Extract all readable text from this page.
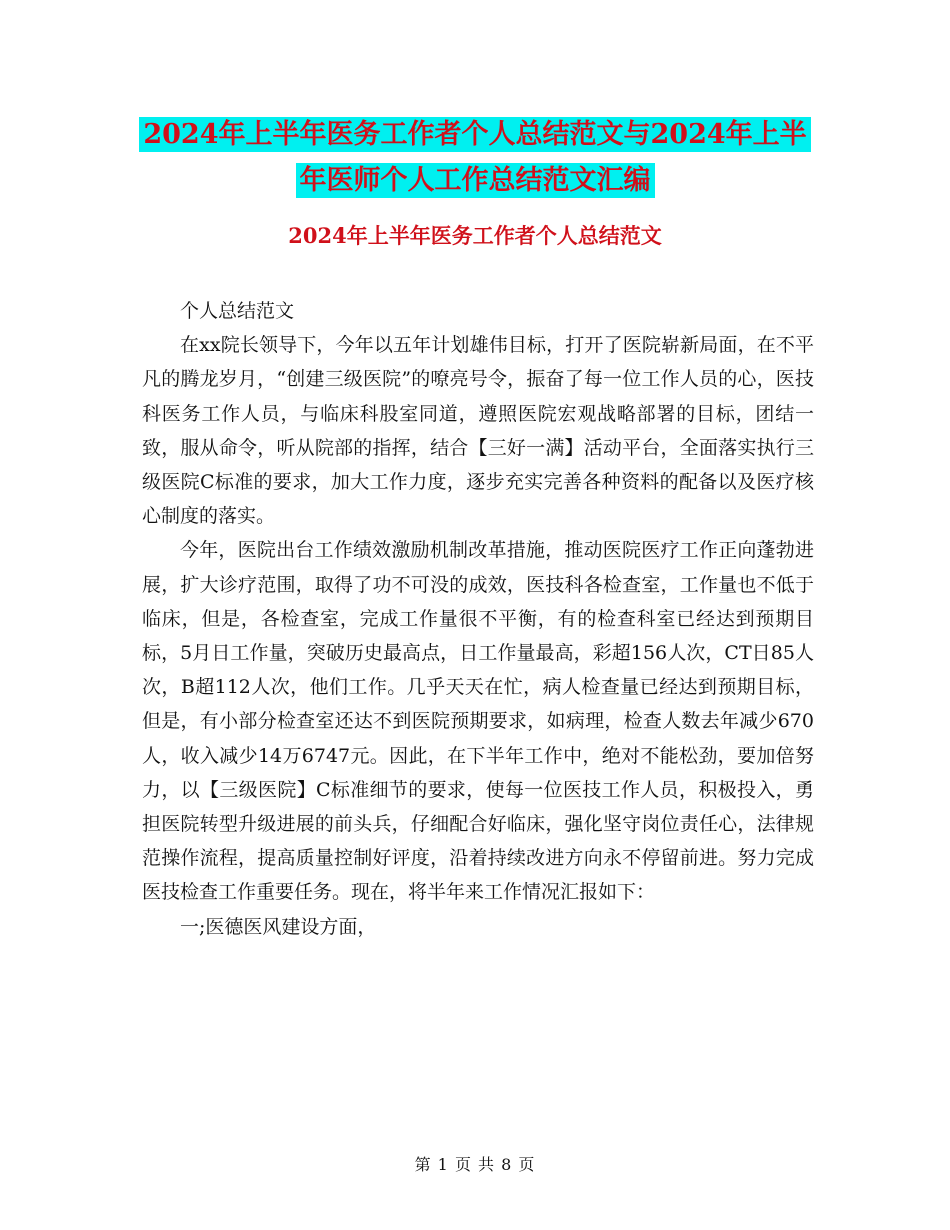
2024年上半年医务工作者个人总结范文与2024年上半
年医师个人工作总结范文汇编
2024年上半年医务工作者个人总结范文

个人总结范文

在xx院长领导下，今年以五年计划雄伟目标，打开了医院崭新局面，在不平凡的腾龙岁月，“创建三级医院”的嘹亮号令，振奋了每一位工作人员的心，医技科医务工作人员，与临床科股室同道，遵照医院宏观战略部署的目标，团结一致，服从命令，听从院部的指挥，结合【三好一满】活动平台，全面落实执行三级医院C标准的要求，加大工作力度，逐步充实完善各种资料的配备以及医疗核心制度的落实。

今年，医院出台工作绩效激励机制改革措施，推动医院医疗工作正向蓬勃进展，扩大诊疗范围，取得了功不可没的成效，医技科各检查室，工作量也不低于临床，但是，各检查室，完成工作量很不平衡，有的检查科室已经达到预期目标，5月日工作量，突破历史最高点，日工作量最高，彩超156人次，CT日85人次，B超112人次，他们工作。几乎天天在忙，病人检查量已经达到预期目标，但是，有小部分检查室还达不到医院预期要求，如病理，检查人数去年减少670人，收入减少14万6747元。因此，在下半年工作中，绝对不能松劲，要加倍努力，以【三级医院】C标准细节的要求，使每一位医技工作人员，积极投入，勇担医院转型升级进展的前头兵，仔细配合好临床，强化坚守岗位责任心，法律规范操作流程，提高质量控制好评度，沿着持续改进方向永不停留前进。努力完成医技检查工作重要任务。现在，将半年来工作情况汇报如下：

一;医德医风建设方面，

第 1 页 共 8 页
